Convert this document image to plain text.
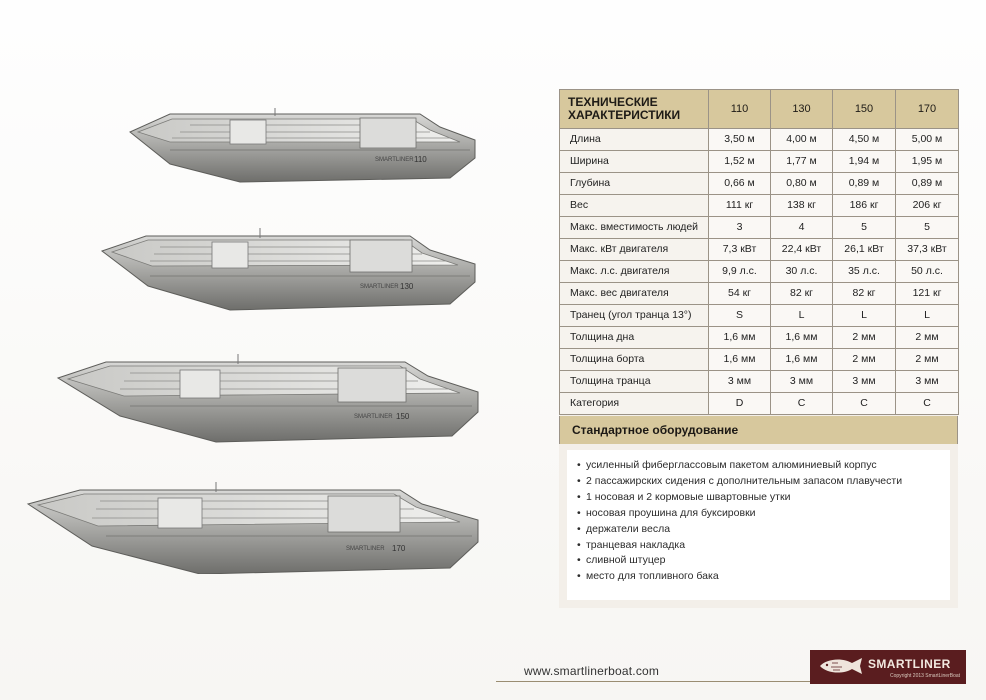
SMARTLINER 110
SMARTLINER 130
SMARTLINER 150
SMARTLINER 170
ТЕХНИЧЕСКИЕ ХАРАКТЕРИСТИКИ	110	130	150	170
Длина	3,50 м	4,00 м	4,50 м	5,00 м
Ширина	1,52 м	1,77 м	1,94 м	1,95 м
Глубина	0,66 м	0,80 м	0,89 м	0,89 м
Вес	111 кг	138 кг	186 кг	206 кг
Макс. вместимость людей	3	4	5	5
Макс. кВт двигателя	7,3 кВт	22,4 кВт	26,1 кВт	37,3 кВт
Макс. л.с. двигателя	9,9 л.с.	30 л.с.	35 л.с.	50 л.с.
Макс. вес двигателя	54 кг	82 кг	82 кг	121 кг
Транец (угол транца 13°)	S	L	L	L
Толщина дна	1,6 мм	1,6 мм	2 мм	2 мм
Толщина борта	1,6 мм	1,6 мм	2 мм	2 мм
Толщина транца	3 мм	3 мм	3 мм	3 мм
Категория	D	C	C	C
Стандартное оборудование
• усиленный фиберглассовым пакетом алюминиевый корпус
• 2 пассажирских сидения с дополнительным запасом плавучести
• 1 носовая и 2 кормовые швартовные утки
• носовая проушина для буксировки
• держатели весла
• транцевая накладка
• сливной штуцер
• место для топливного бака
www.smartlinerboat.com	SMARTLINER
Copyright 2013 SmartLinerBoat
